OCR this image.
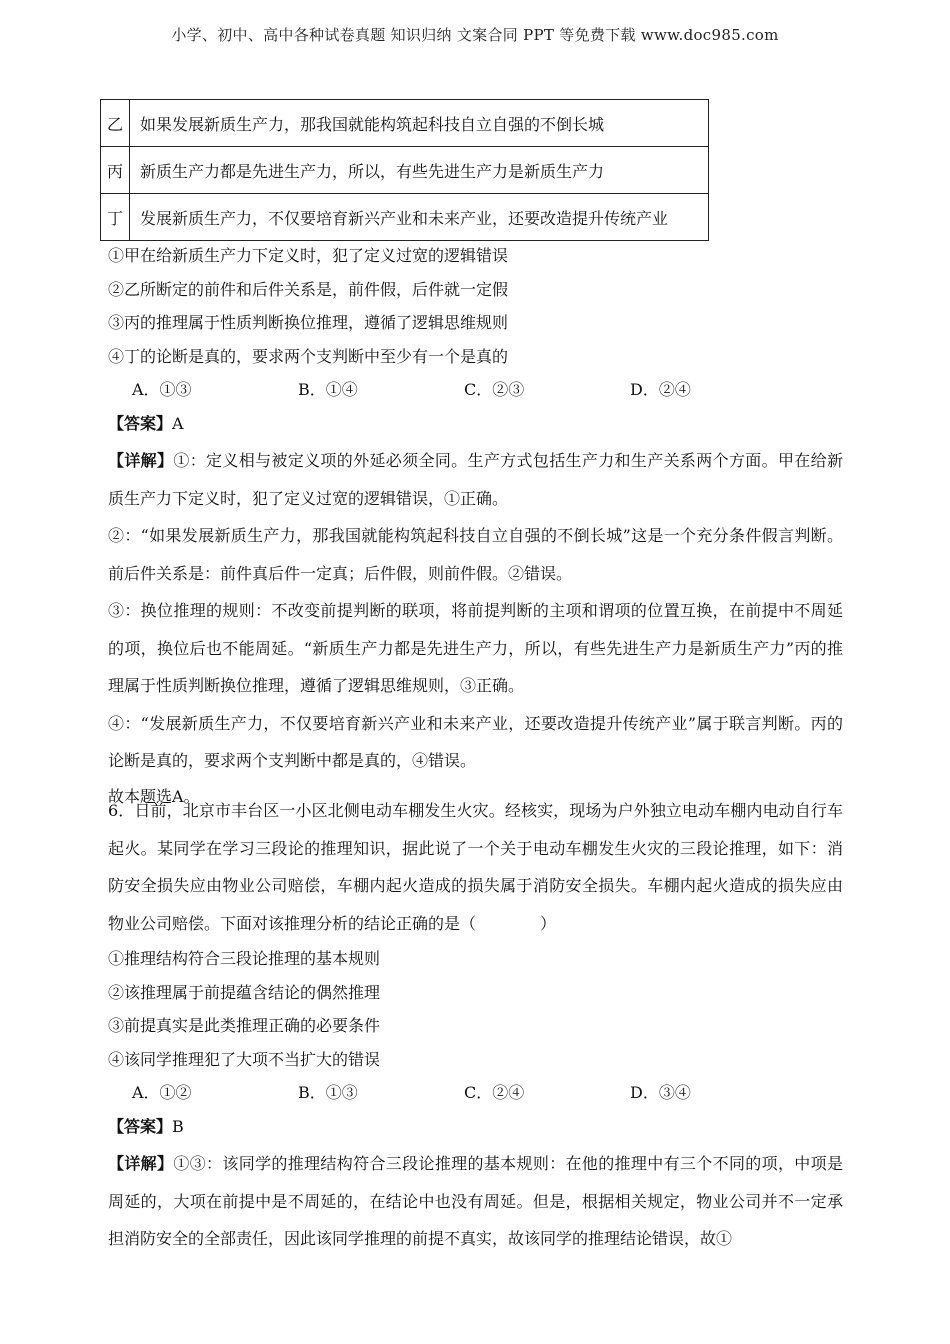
小学、初中、高中各种试卷真题 知识归纳 文案合同 PPT 等免费下载 www.doc985.com
乙	如果发展新质生产力，那我国就能构筑起科技自立自强的不倒长城
丙	新质生产力都是先进生产力，所以，有些先进生产力是新质生产力
丁	发展新质生产力，不仅要培育新兴产业和未来产业，还要改造提升传统产业
①甲在给新质生产力下定义时，犯了定义过宽的逻辑错误
②乙所断定的前件和后件关系是，前件假，后件就一定假
③丙的推理属于性质判断换位推理，遵循了逻辑思维规则
④丁的论断是真的，要求两个支判断中至少有一个是真的
A．①③	B．①④	C．②③	D．②④
【答案】A
【详解】①：定义相与被定义项的外延必须全同。生产方式包括生产力和生产关系两个方面。甲在给新质生产力下定义时，犯了定义过宽的逻辑错误，①正确。
②：“如果发展新质生产力，那我国就能构筑起科技自立自强的不倒长城”这是一个充分条件假言判断。前后件关系是：前件真后件一定真；后件假，则前件假。②错误。
③：换位推理的规则：不改变前提判断的联项，将前提判断的主项和谓项的位置互换，在前提中不周延的项，换位后也不能周延。“新质生产力都是先进生产力，所以，有些先进生产力是新质生产力”丙的推理属于性质判断换位推理，遵循了逻辑思维规则，③正确。
④：“发展新质生产力，不仅要培育新兴产业和未来产业，还要改造提升传统产业”属于联言判断。丙的论断是真的，要求两个支判断中都是真的，④错误。
故本题选A。
6．日前，北京市丰台区一小区北侧电动车棚发生火灾。经核实，现场为户外独立电动车棚内电动自行车起火。某同学在学习三段论的推理知识，据此说了一个关于电动车棚发生火灾的三段论推理，如下：消防安全损失应由物业公司赔偿，车棚内起火造成的损失属于消防安全损失。车棚内起火造成的损失应由物业公司赔偿。下面对该推理分析的结论正确的是（　　　　）
①推理结构符合三段论推理的基本规则
②该推理属于前提蕴含结论的偶然推理
③前提真实是此类推理正确的必要条件
④该同学推理犯了大项不当扩大的错误
A．①②	B．①③	C．②④	D．③④
【答案】B
【详解】①③：该同学的推理结构符合三段论推理的基本规则：在他的推理中有三个不同的项，中项是周延的，大项在前提中是不周延的，在结论中也没有周延。但是，根据相关规定，物业公司并不一定承担消防安全的全部责任，因此该同学推理的前提不真实，故该同学的推理结论错误，故①
